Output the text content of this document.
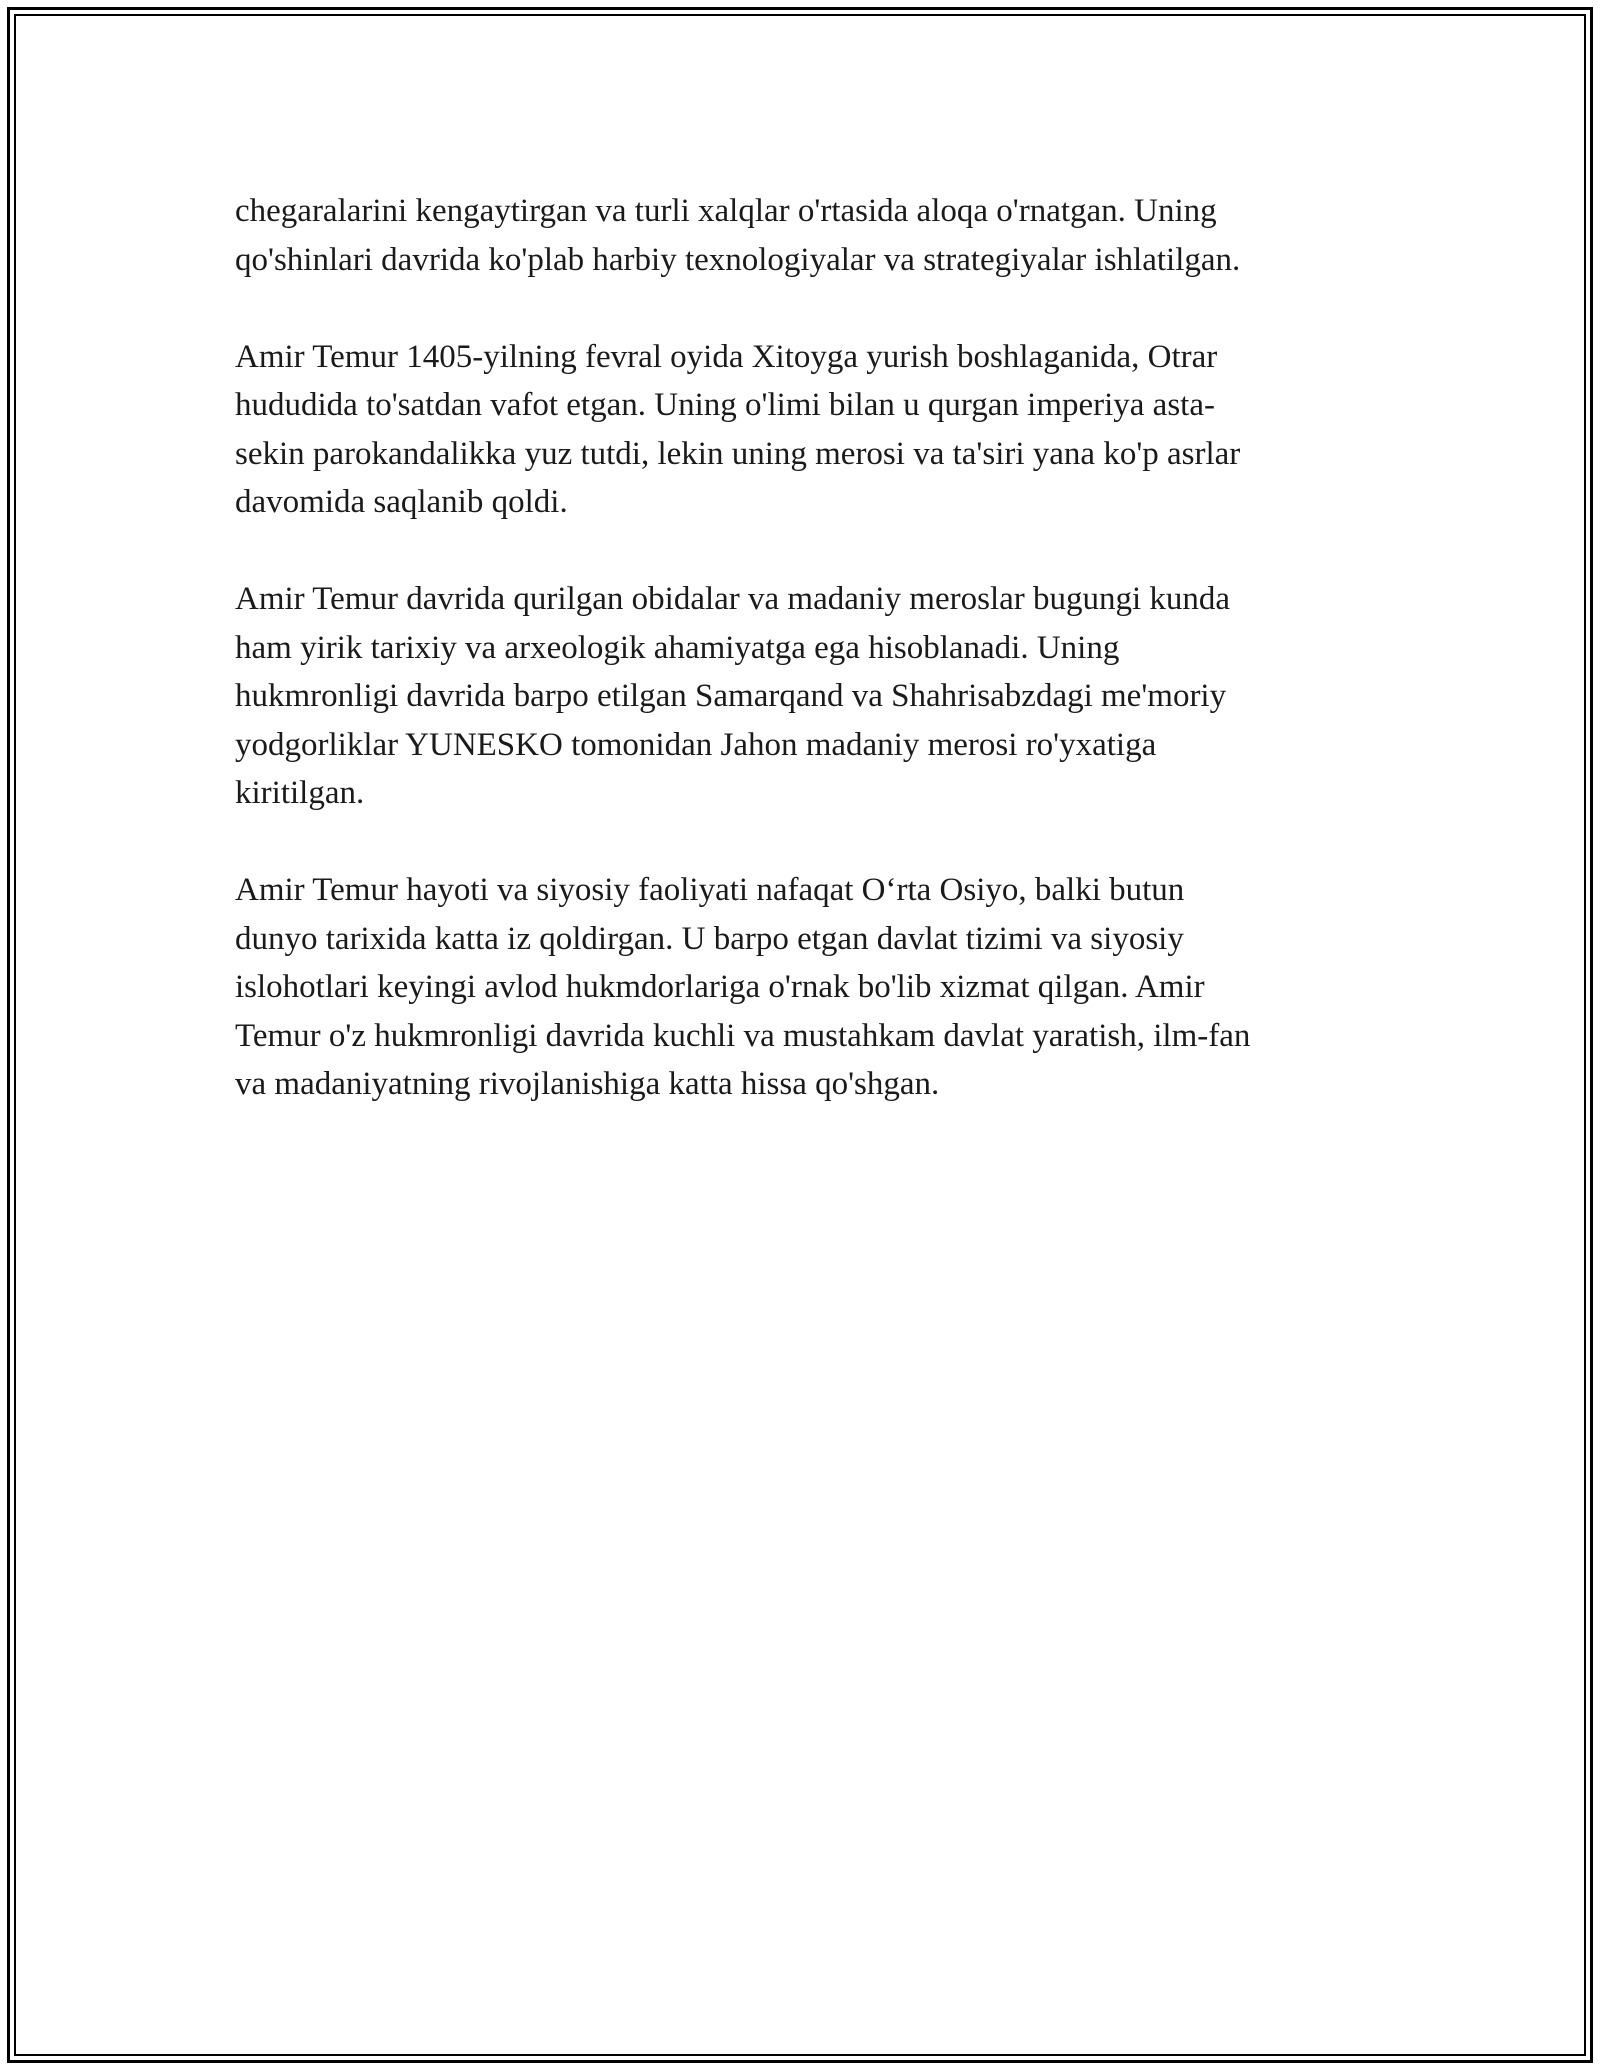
chegaralarini kengaytirgan va turli xalqlar o'rtasida aloqa o'rnatgan. Uning
qo'shinlari davrida ko'plab harbiy texnologiyalar va strategiyalar ishlatilgan.

Amir Temur 1405-yilning fevral oyida Xitoyga yurish boshlaganida, Otrar
hududida to'satdan vafot etgan. Uning o'limi bilan u qurgan imperiya asta-
sekin parokandalikka yuz tutdi, lekin uning merosi va ta'siri yana ko'p asrlar
davomida saqlanib qoldi.

Amir Temur davrida qurilgan obidalar va madaniy meroslar bugungi kunda
ham yirik tarixiy va arxeologik ahamiyatga ega hisoblanadi. Uning
hukmronligi davrida barpo etilgan Samarqand va Shahrisabzdagi me'moriy
yodgorliklar YUNESKO tomonidan Jahon madaniy merosi ro'yxatiga
kiritilgan.

Amir Temur hayoti va siyosiy faoliyati nafaqat O‘rta Osiyo, balki butun
dunyo tarixida katta iz qoldirgan. U barpo etgan davlat tizimi va siyosiy
islohotlari keyingi avlod hukmdorlariga o'rnak bo'lib xizmat qilgan. Amir
Temur o'z hukmronligi davrida kuchli va mustahkam davlat yaratish, ilm-fan
va madaniyatning rivojlanishiga katta hissa qo'shgan.
